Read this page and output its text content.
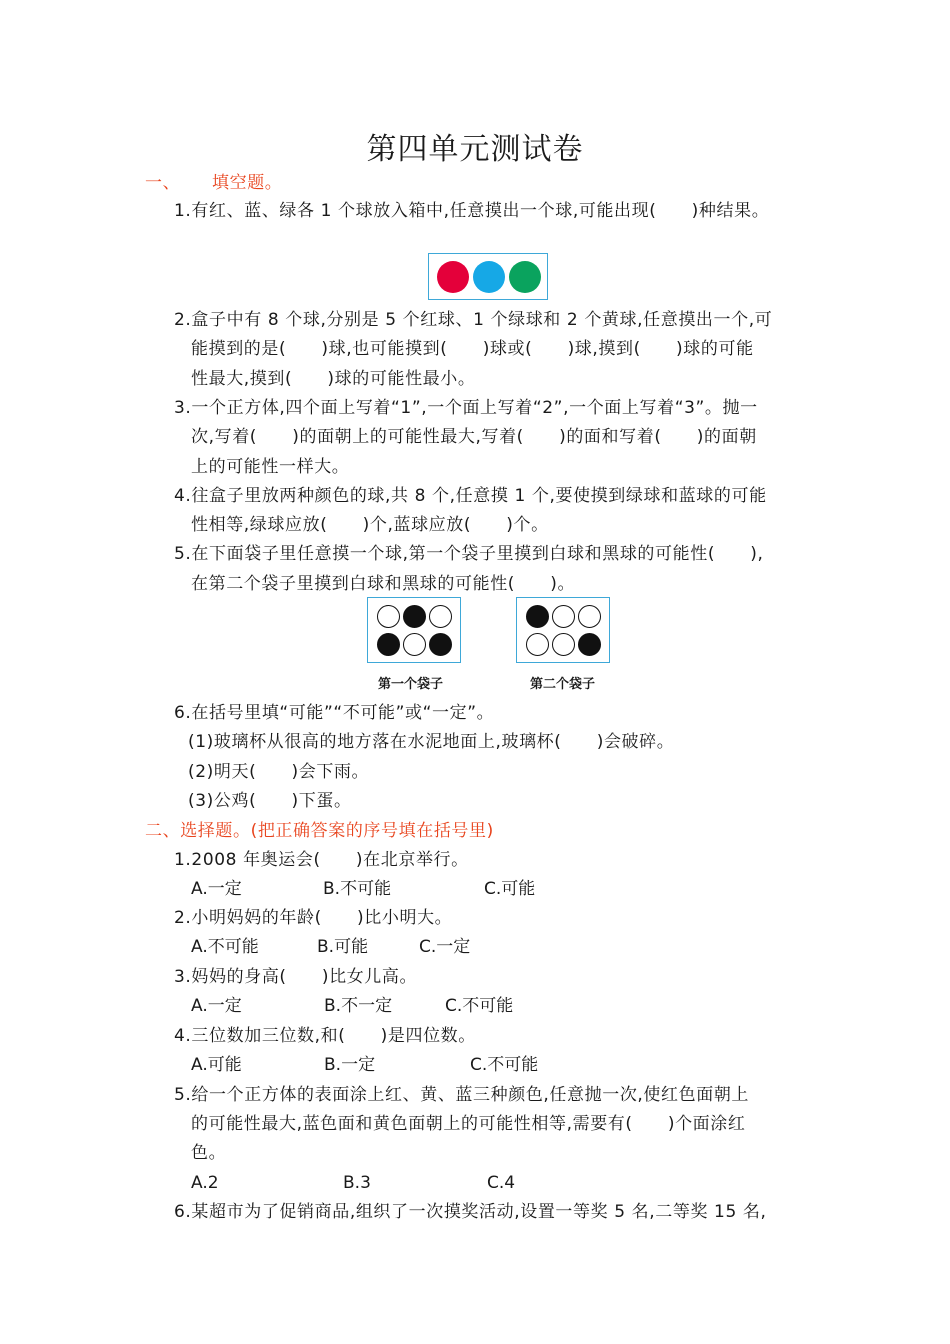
第四单元测试卷
一、 填空题。
1.有红、蓝、绿各 1 个球放入箱中,任意摸出一个球,可能出现(　　)种结果。
2.盒子中有 8 个球,分别是 5 个红球、1 个绿球和 2 个黄球,任意摸出一个,可
能摸到的是(　　)球,也可能摸到(　　)球或(　　)球,摸到(　　)球的可能
性最大,摸到(　　)球的可能性最小。
3.一个正方体,四个面上写着“1”,一个面上写着“2”,一个面上写着“3”。抛一
次,写着(　　)的面朝上的可能性最大,写着(　　)的面和写着(　　)的面朝
上的可能性一样大。
4.往盒子里放两种颜色的球,共 8 个,任意摸 1 个,要使摸到绿球和蓝球的可能
性相等,绿球应放(　　)个,蓝球应放(　　)个。
5.在下面袋子里任意摸一个球,第一个袋子里摸到白球和黑球的可能性(　　),
在第二个袋子里摸到白球和黑球的可能性(　　)。
第一个袋子	第二个袋子
6.在括号里填“可能”“不可能”或“一定”。
(1)玻璃杯从很高的地方落在水泥地面上,玻璃杯(　　)会破碎。
(2)明天(　　)会下雨。
(3)公鸡(　　)下蛋。
二、选择题。(把正确答案的序号填在括号里)
1.2008 年奥运会(　　)在北京举行。
A.一定	B.不可能	C.可能
2.小明妈妈的年龄(　　)比小明大。
A.不可能	B.可能	C.一定
3.妈妈的身高(　　)比女儿高。
A.一定	B.不一定	C.不可能
4.三位数加三位数,和(　　)是四位数。
A.可能	B.一定	C.不可能
5.给一个正方体的表面涂上红、黄、蓝三种颜色,任意抛一次,使红色面朝上
的可能性最大,蓝色面和黄色面朝上的可能性相等,需要有(　　)个面涂红
色。
A.2	B.3	C.4
6.某超市为了促销商品,组织了一次摸奖活动,设置一等奖 5 名,二等奖 15 名,
